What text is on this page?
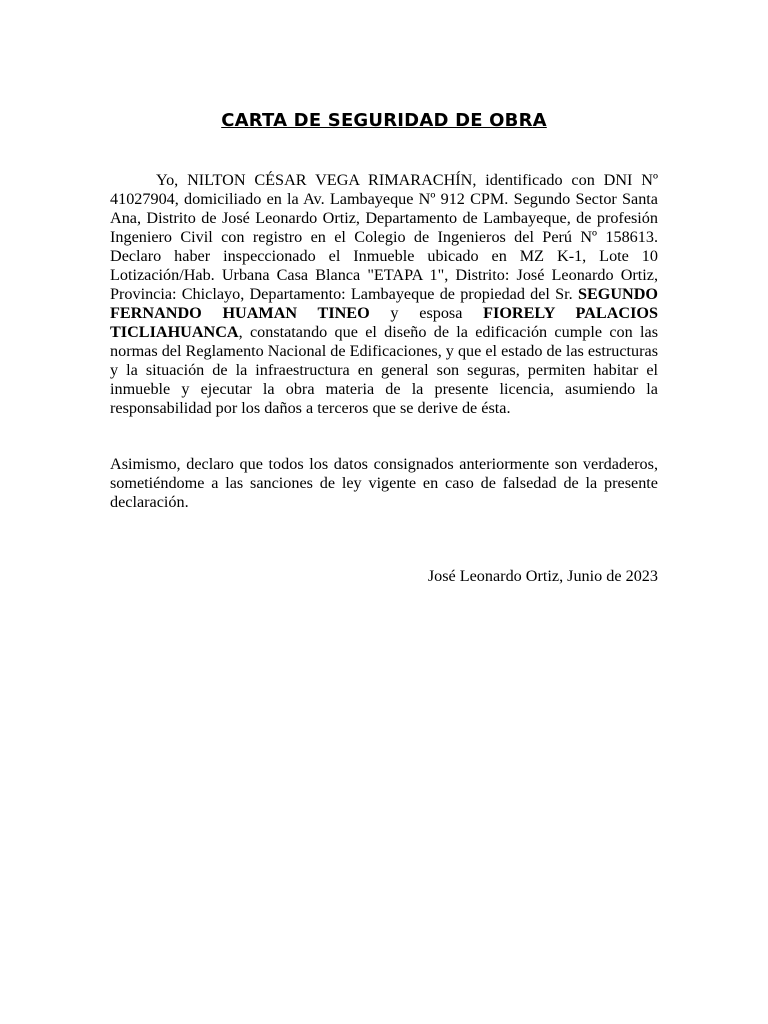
CARTA DE SEGURIDAD DE OBRA
Yo, NILTON CÉSAR VEGA RIMARACHÍN, identificado con DNI Nº 41027904, domiciliado en la Av. Lambayeque Nº 912 CPM. Segundo Sector Santa Ana, Distrito de José Leonardo Ortiz, Departamento de Lambayeque, de profesión Ingeniero Civil con registro en el Colegio de Ingenieros del Perú Nº 158613. Declaro haber inspeccionado el Inmueble ubicado en MZ K-1, Lote 10 Lotización/Hab. Urbana Casa Blanca "ETAPA 1", Distrito: José Leonardo Ortiz, Provincia: Chiclayo, Departamento: Lambayeque de propiedad del Sr. SEGUNDO FERNANDO HUAMAN TINEO y esposa FIORELY PALACIOS TICLIAHUANCA, constatando que el diseño de la edificación cumple con las normas del Reglamento Nacional de Edificaciones, y que el estado de las estructuras y la situación de la infraestructura en general son seguras, permiten habitar el inmueble y ejecutar la obra materia de la presente licencia, asumiendo la responsabilidad por los daños a terceros que se derive de ésta.
Asimismo, declaro que todos los datos consignados anteriormente son verdaderos, sometiéndome a las sanciones de ley vigente en caso de falsedad de la presente declaración.
José Leonardo Ortiz, Junio de 2023
